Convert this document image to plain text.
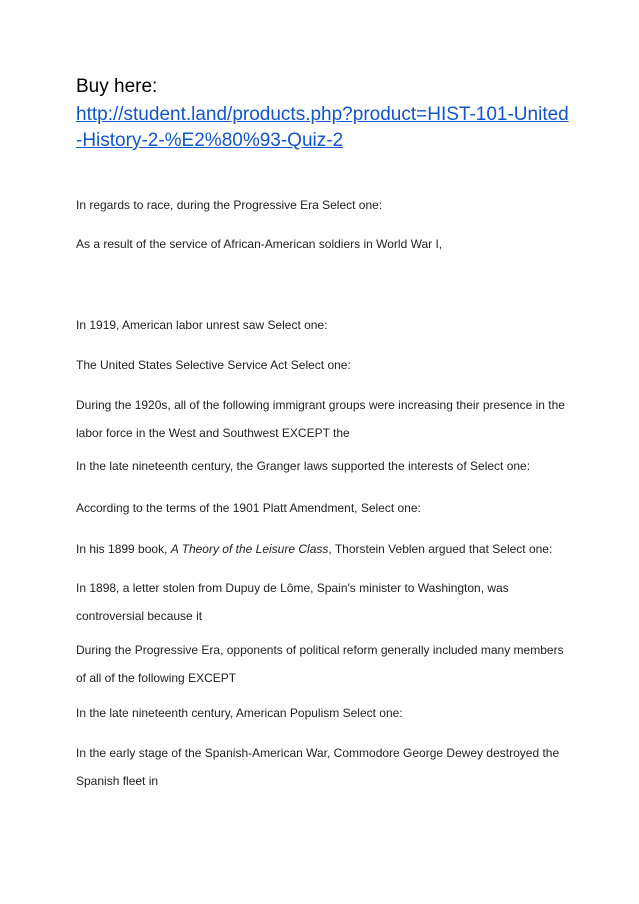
Buy here:

http://student.land/products.php?product=HIST-101-United-History-2-%E2%80%93-Quiz-2

In regards to race, during the Progressive Era Select one:

As a result of the service of African-American soldiers in World War I,

In 1919, American labor unrest saw Select one:

The United States Selective Service Act Select one:

During the 1920s, all of the following immigrant groups were increasing their presence in the labor force in the West and Southwest EXCEPT the

In the late nineteenth century, the Granger laws supported the interests of Select one:

According to the terms of the 1901 Platt Amendment, Select one:

In his 1899 book, A Theory of the Leisure Class, Thorstein Veblen argued that Select one:

In 1898, a letter stolen from Dupuy de Lôme, Spain's minister to Washington, was controversial because it

During the Progressive Era, opponents of political reform generally included many members of all of the following EXCEPT

In the late nineteenth century, American Populism Select one:

In the early stage of the Spanish-American War, Commodore George Dewey destroyed the Spanish fleet in
